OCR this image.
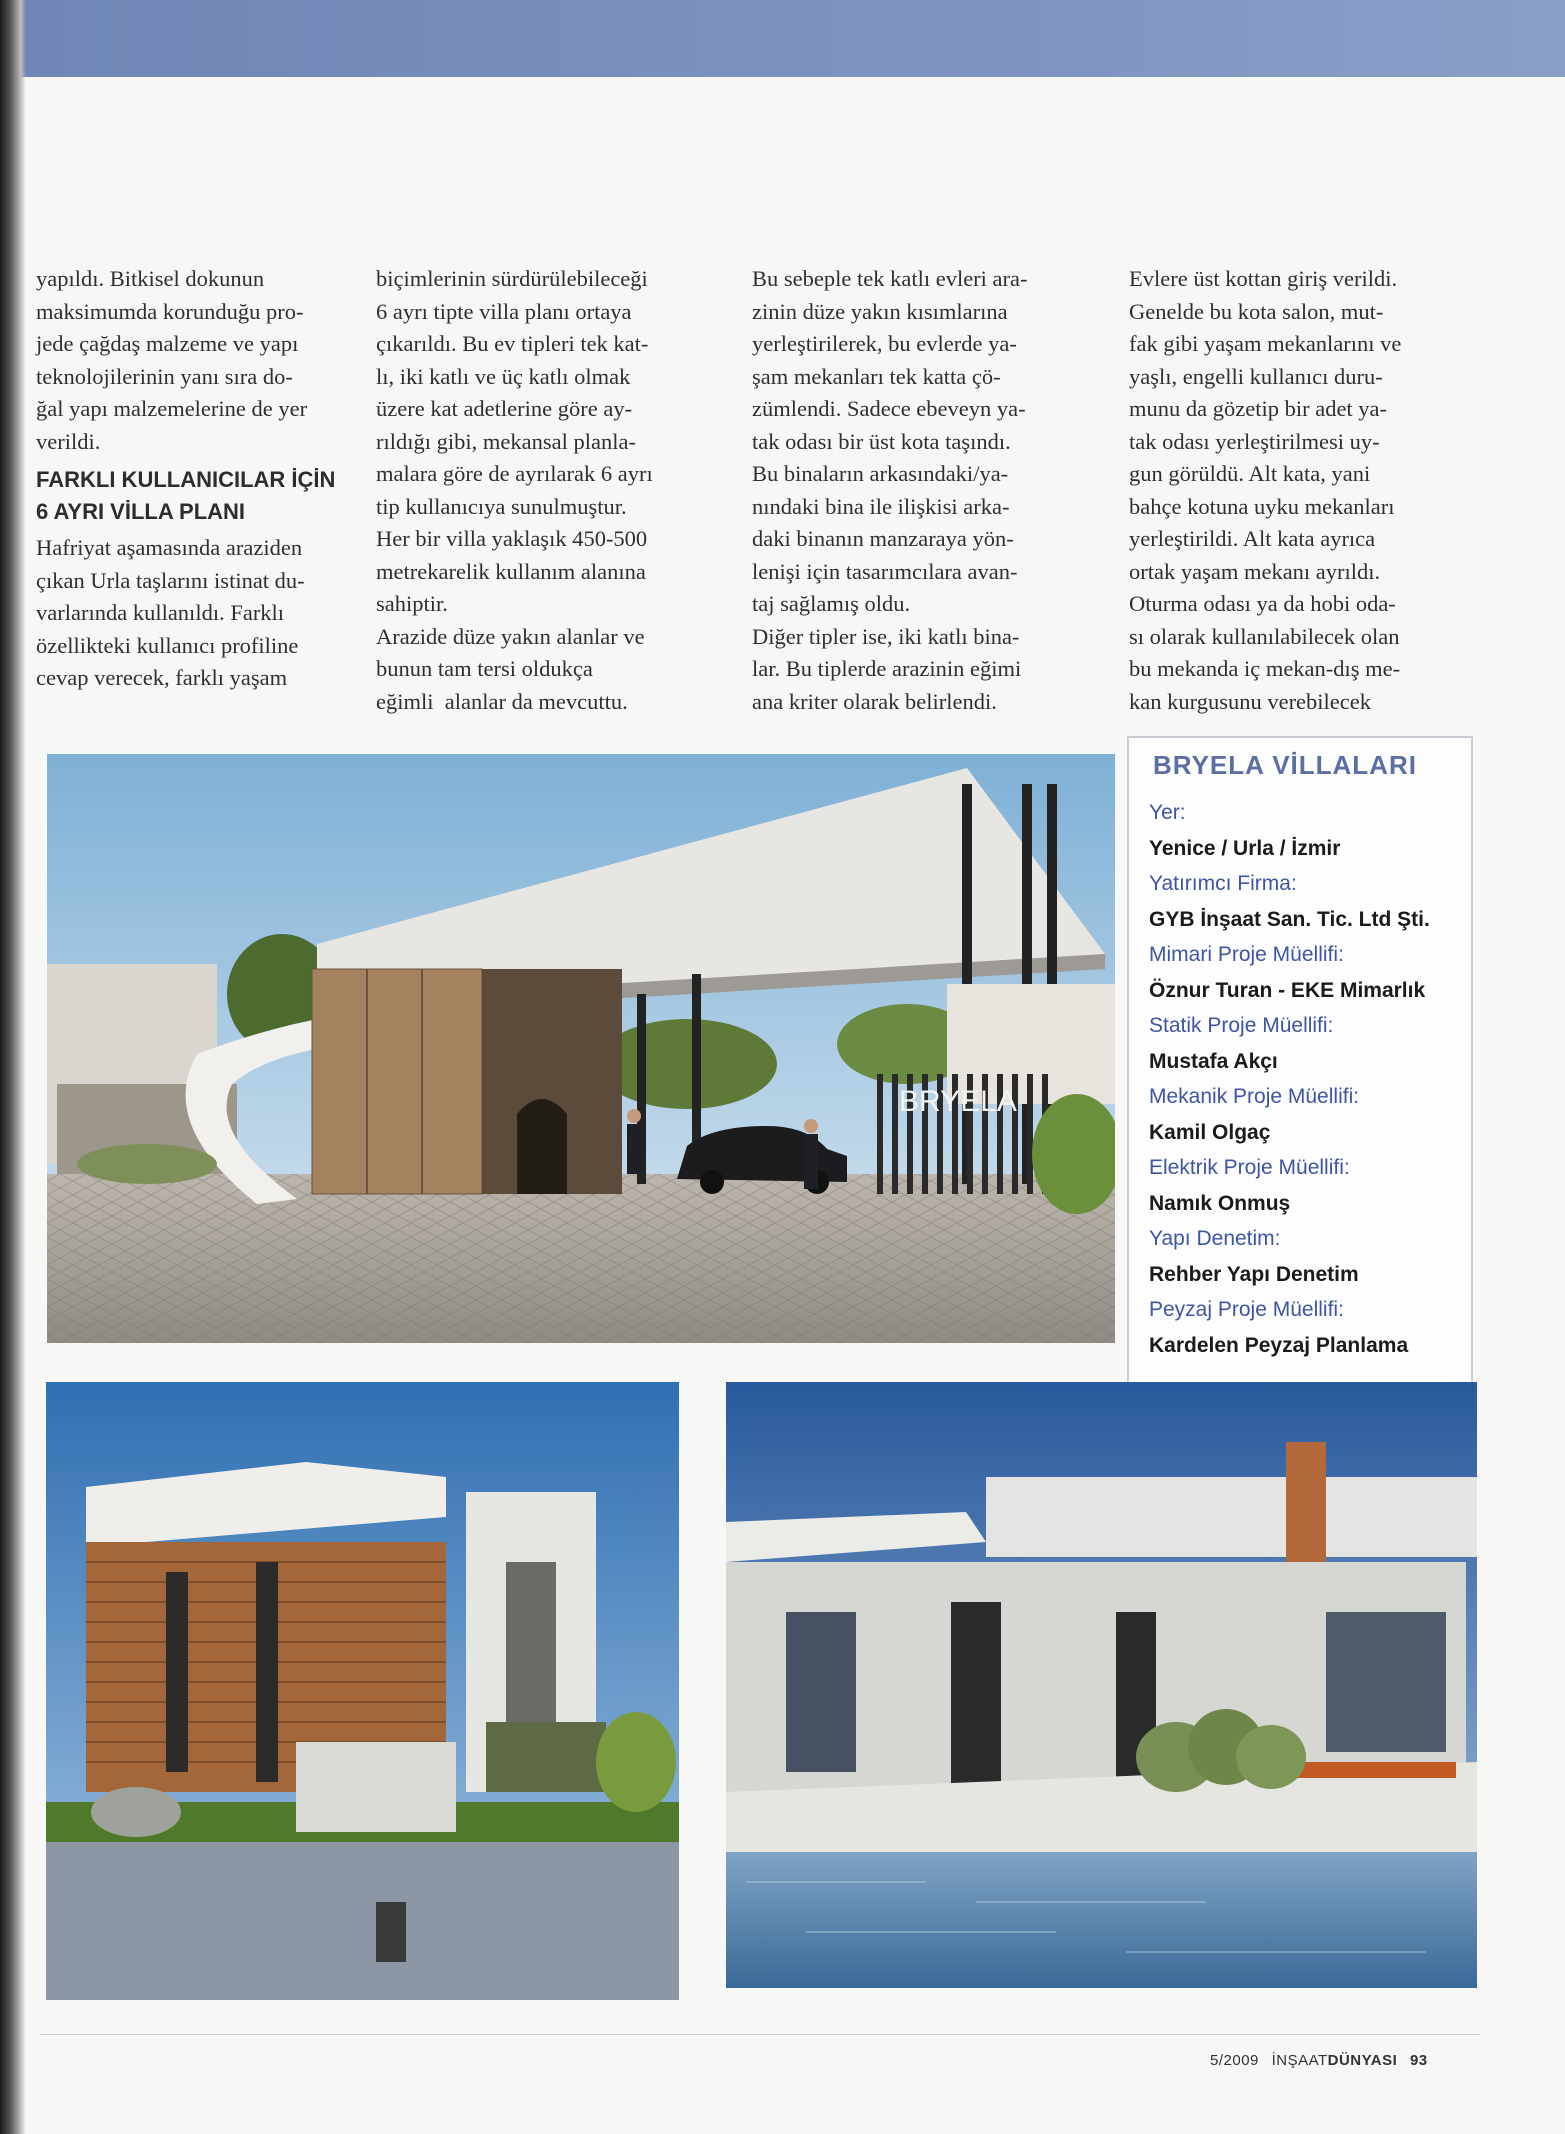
yapıldı. Bitkisel dokunun

maksimumda korunduğu pro-

jede çağdaş malzeme ve yapı

teknolojilerinin yanı sıra do-

ğal yapı malzemelerine de yer

verildi.

FARKLI KULLANICILAR İÇİN

6 AYRI VİLLA PLANI

Hafriyat aşamasında araziden

çıkan Urla taşlarını istinat du-

varlarında kullanıldı. Farklı

özellikteki kullanıcı profiline

cevap verecek, farklı yaşam

biçimlerinin sürdürülebileceği

6 ayrı tipte villa planı ortaya

çıkarıldı. Bu ev tipleri tek kat-

lı, iki katlı ve üç katlı olmak

üzere kat adetlerine göre ay-

rıldığı gibi, mekansal planla-

malara göre de ayrılarak 6 ayrı

tip kullanıcıya sunulmuştur.

Her bir villa yaklaşık 450-500

metrekarelik kullanım alanına

sahiptir.

Arazide düze yakın alanlar ve

bunun tam tersi oldukça

eğimli  alanlar da mevcuttu.

Bu sebeple tek katlı evleri ara-

zinin düze yakın kısımlarına

yerleştirilerek, bu evlerde ya-

şam mekanları tek katta çö-

zümlendi. Sadece ebeveyn ya-

tak odası bir üst kota taşındı.

Bu binaların arkasındaki/ya-

nındaki bina ile ilişkisi arka-

daki binanın manzaraya yön-

lenişi için tasarımcılara avan-

taj sağlamış oldu.

Diğer tipler ise, iki katlı bina-

lar. Bu tiplerde arazinin eğimi

ana kriter olarak belirlendi.

Evlere üst kottan giriş verildi.

Genelde bu kota salon, mut-

fak gibi yaşam mekanlarını ve

yaşlı, engelli kullanıcı duru-

munu da gözetip bir adet ya-

tak odası yerleştirilmesi uy-

gun görüldü. Alt kata, yani

bahçe kotuna uyku mekanları

yerleştirildi. Alt kata ayrıca

ortak yaşam mekanı ayrıldı.

Oturma odası ya da hobi oda-

sı olarak kullanılabilecek olan

bu mekanda iç mekan-dış me-

kan kurgusunu verebilecek

BRYELA
BRYELA VİLLALARI
Yer:
Yenice / Urla / İzmir
Yatırımcı Firma:
GYB İnşaat San. Tic. Ltd Şti.
Mimari Proje Müellifi:
Öznur Turan - EKE Mimarlık
Statik Proje Müellifi:
Mustafa Akçı
Mekanik Proje Müellifi:
Kamil Olgaç
Elektrik Proje Müellifi:
Namık Onmuş
Yapı Denetim:
Rehber Yapı Denetim
Peyzaj Proje Müellifi:
Kardelen Peyzaj Planlama
5/2009 İNŞAATDÜNYASI 93
